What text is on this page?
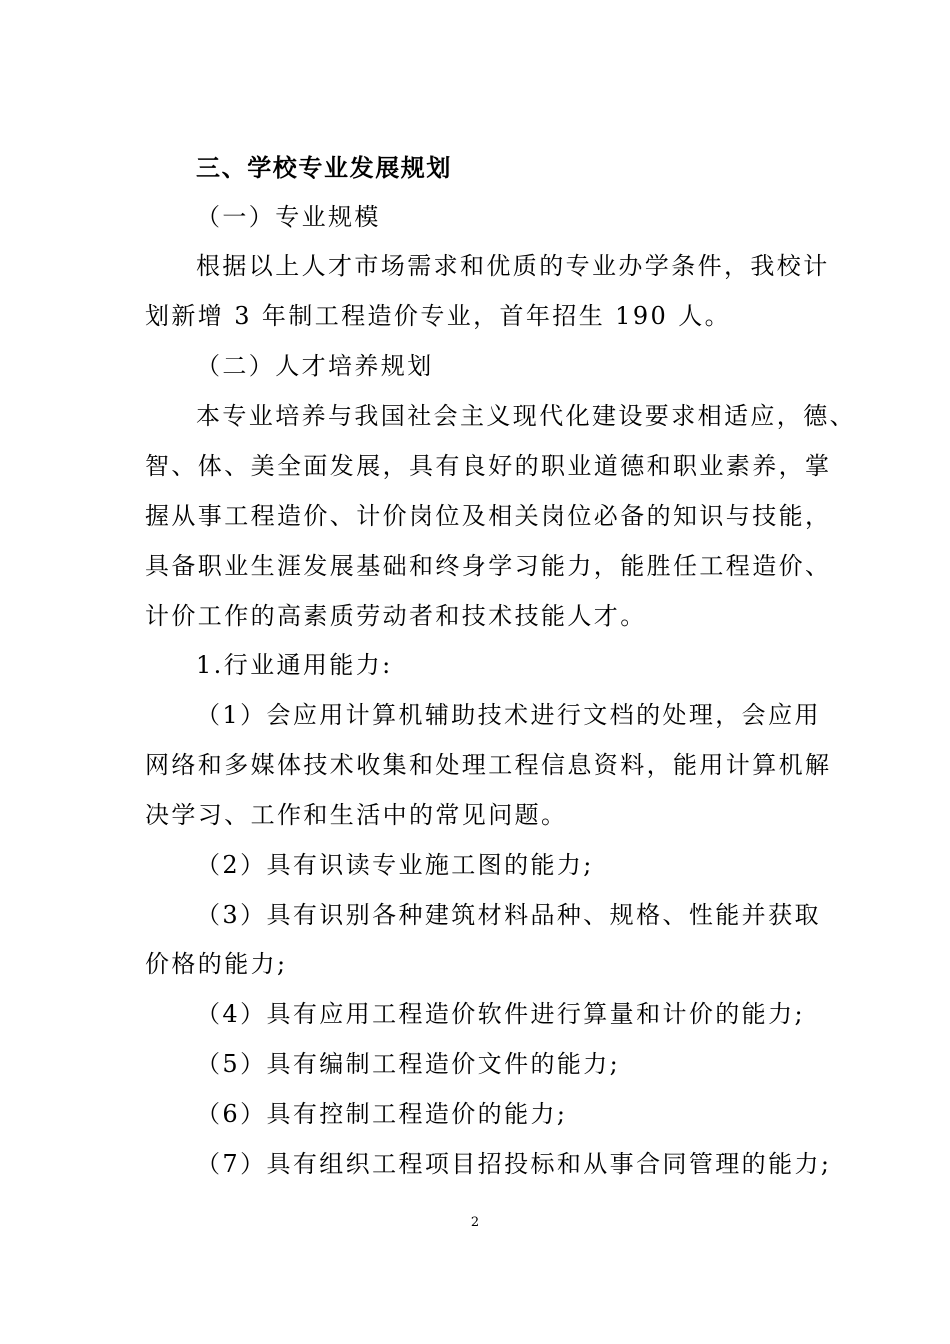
三、学校专业发展规划
（一）专业规模
根据以上人才市场需求和优质的专业办学条件，我校计
划新增 3 年制工程造价专业，首年招生 190 人。
（二）人才培养规划
本专业培养与我国社会主义现代化建设要求相适应，德、
智、体、美全面发展，具有良好的职业道德和职业素养，掌
握从事工程造价、计价岗位及相关岗位必备的知识与技能，
具备职业生涯发展基础和终身学习能力，能胜任工程造价、
计价工作的高素质劳动者和技术技能人才。
1.行业通用能力:
（1）会应用计算机辅助技术进行文档的处理，会应用
网络和多媒体技术收集和处理工程信息资料，能用计算机解
决学习、工作和生活中的常见问题。
（2）具有识读专业施工图的能力;
（3）具有识别各种建筑材料品种、规格、性能并获取
价格的能力;
（4）具有应用工程造价软件进行算量和计价的能力;
（5）具有编制工程造价文件的能力;
（6）具有控制工程造价的能力;
（7）具有组织工程项目招投标和从事合同管理的能力;
2
